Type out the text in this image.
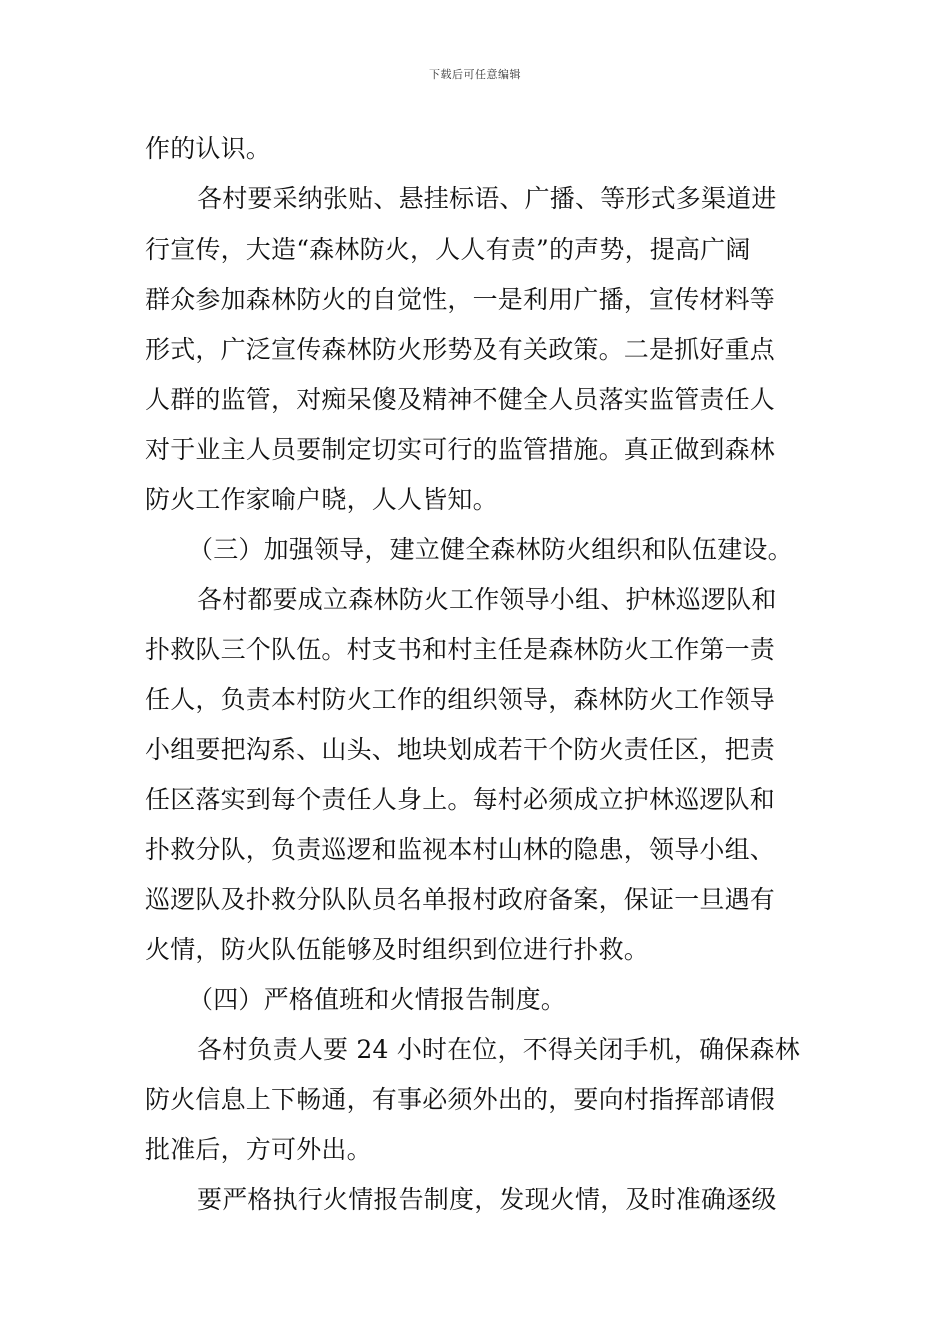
下载后可任意编辑
作的认识。
各村要采纳张贴、悬挂标语、广播、等形式多渠道进
行宣传，大造“森林防火，人人有责”的声势，提高广阔
群众参加森林防火的自觉性，一是利用广播，宣传材料等
形式，广泛宣传森林防火形势及有关政策。二是抓好重点
人群的监管，对痴呆傻及精神不健全人员落实监管责任人
对于业主人员要制定切实可行的监管措施。真正做到森林
防火工作家喻户晓，人人皆知。
（三）加强领导，建立健全森林防火组织和队伍建设。
各村都要成立森林防火工作领导小组、护林巡逻队和
扑救队三个队伍。村支书和村主任是森林防火工作第一责
任人，负责本村防火工作的组织领导，森林防火工作领导
小组要把沟系、山头、地块划成若干个防火责任区，把责
任区落实到每个责任人身上。每村必须成立护林巡逻队和
扑救分队，负责巡逻和监视本村山林的隐患，领导小组、
巡逻队及扑救分队队员名单报村政府备案，保证一旦遇有
火情，防火队伍能够及时组织到位进行扑救。
（四）严格值班和火情报告制度。
各村负责人要 24 小时在位，不得关闭手机，确保森林
防火信息上下畅通，有事必须外出的，要向村指挥部请假
批准后，方可外出。
要严格执行火情报告制度，发现火情，及时准确逐级
